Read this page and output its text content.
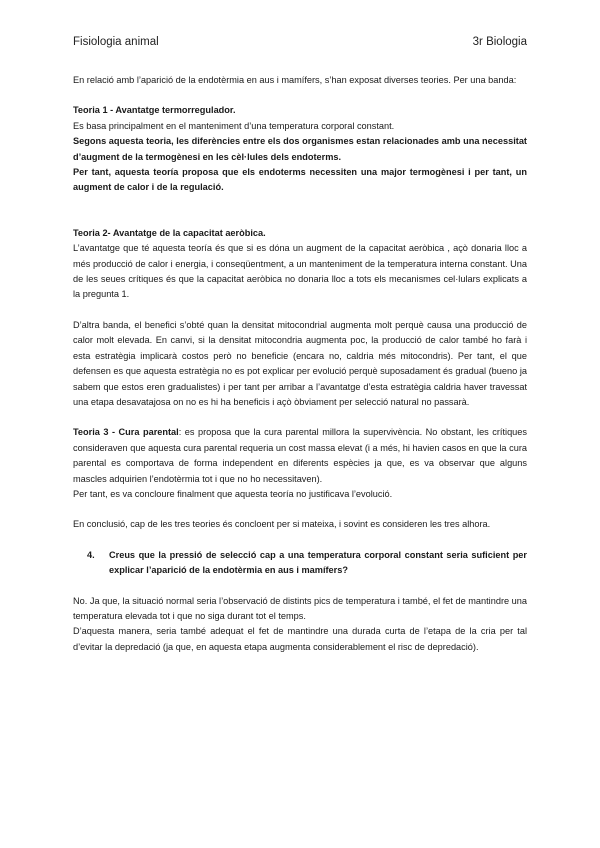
Fisiologia animal	3r Biologia

En relació amb l’aparició de la endotèrmia en aus i mamífers, s’han exposat diverses teories. Per una banda:

Teoria 1 - Avantatge termorregulador.

Es basa principalment en el manteniment d’una temperatura corporal constant.

Segons aquesta teoria, les diferències entre els dos organismes estan relacionades amb una necessitat d’augment de la termogènesi en les cèl·lules dels endoterms.

Per tant, aquesta teoría proposa que els endoterms necessiten una major termogènesi i per tant, un augment de calor i de la regulació.

Teoria 2- Avantatge de la capacitat aeròbica.

L’avantatge que té aquesta teoría és que si es dóna un augment de la capacitat aeròbica , açò donaria lloc a més producció de calor i energia, i conseqüentment, a un manteniment de la temperatura interna constant. Una de les seues crítiques és que la capacitat aeròbica no donaria lloc a tots els mecanismes cel·lulars explicats a la pregunta 1.

D’altra banda, el benefici s’obté quan la densitat mitocondrial augmenta molt perquè causa una producció de calor molt elevada. En canvi, si la densitat mitocondria augmenta poc, la producció de calor també ho farà i esta estratègia implicarà costos però no beneficie (encara no, caldria més mitocondris). Per tant, el que defensen es que aquesta estratègia no es pot explicar per evolució perquè suposadament és gradual (bueno ja sabem que estos eren gradualistes) i per tant per arribar a l’avantatge d’esta estratègia caldria haver travessat una etapa desavatajosa on no es hi ha beneficis i açò òbviament per selecció natural no passarà.

Teoria 3 - Cura parental: es proposa que la cura parental millora la supervivència. No obstant, les crítiques consideraven que aquesta cura parental requeria un cost massa elevat (i a més, hi havien casos en que la cura parental es comportava de forma independent en diferents espècies ja que, es va observar que alguns mascles adquirien l’endotèrmia tot i que no ho necessitaven).

Per tant, es va concloure finalment que aquesta teoría no justificava l’evolució.

En conclusió, cap de les tres teories és concloent per si mateixa, i sovint es consideren les tres alhora.

4.	Creus que la pressió de selecció cap a una temperatura corporal constant seria suficient per explicar l’aparició de la endotèrmia en aus i mamífers?

No. Ja que, la situació normal seria l’observació de distints pics de temperatura i també, el fet de mantindre una temperatura elevada tot i que no siga durant tot el temps.

D’aquesta manera, seria també adequat el fet de mantindre una durada curta de l’etapa de la cria per tal d’evitar la depredació (ja que, en aquesta etapa augmenta considerablement el risc de depredació).
